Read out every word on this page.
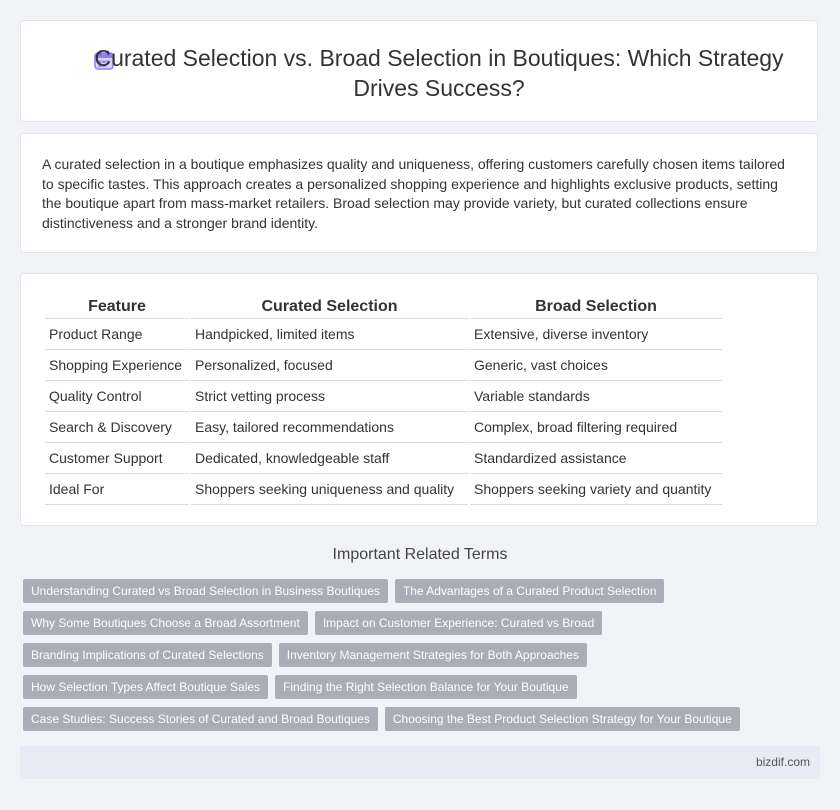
Curated Selection vs. Broad Selection in Boutiques: Which Strategy Drives Success?

A curated selection in a boutique emphasizes quality and uniqueness, offering customers carefully chosen items tailored to specific tastes. This approach creates a personalized shopping experience and highlights exclusive products, setting the boutique apart from mass-market retailers. Broad selection may provide variety, but curated collections ensure distinctiveness and a stronger brand identity.

Feature	Curated Selection	Broad Selection
Product Range	Handpicked, limited items	Extensive, diverse inventory
Shopping Experience	Personalized, focused	Generic, vast choices
Quality Control	Strict vetting process	Variable standards
Search & Discovery	Easy, tailored recommendations	Complex, broad filtering required
Customer Support	Dedicated, knowledgeable staff	Standardized assistance
Ideal For	Shoppers seeking uniqueness and quality	Shoppers seeking variety and quantity
Important Related Terms
Understanding Curated vs Broad Selection in Business Boutiques	The Advantages of a Curated Product Selection
Why Some Boutiques Choose a Broad Assortment	Impact on Customer Experience: Curated vs Broad
Branding Implications of Curated Selections	Inventory Management Strategies for Both Approaches
How Selection Types Affect Boutique Sales	Finding the Right Selection Balance for Your Boutique
Case Studies: Success Stories of Curated and Broad Boutiques	Choosing the Best Product Selection Strategy for Your Boutique
bizdif.com
